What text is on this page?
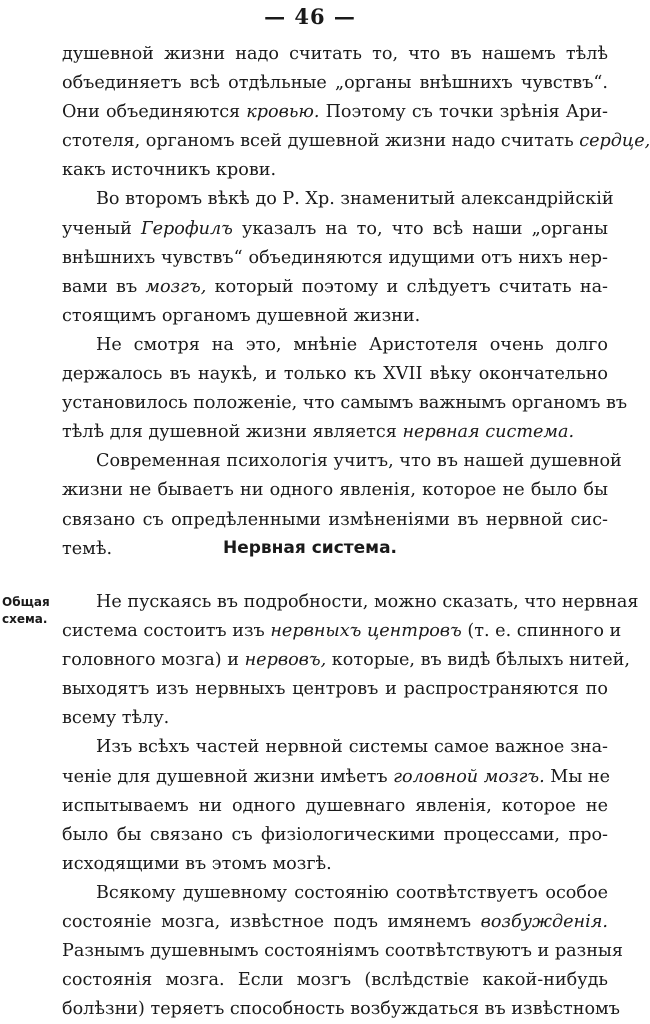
— 46 —
душевной жизни надо считать то, что въ нашемъ тѣлѣ
объединяетъ всѣ отдѣльные „органы внѣшнихъ чувствъ“.
Они объединяются кровью. Поэтому съ точки зрѣнія Ари-
стотеля, органомъ всей душевной жизни надо считать сердце,
какъ источникъ крови.
Во второмъ вѣкѣ до Р. Хр. знаменитый александрійскій
ученый Герофилъ указалъ на то, что всѣ наши „органы
внѣшнихъ чувствъ“ объединяются идущими отъ нихъ нер-
вами въ мозгъ, который поэтому и слѣдуетъ считать на-
стоящимъ органомъ душевной жизни.
Не смотря на это, мнѣніе Аристотеля очень долго
держалось въ наукѣ, и только къ XVII вѣку окончательно
установилось положеніе, что самымъ важнымъ органомъ въ
тѣлѣ для душевной жизни является нервная система.
Современная психологія учитъ, что въ нашей душевной
жизни не бываетъ ни одного явленія, которое не было бы
связано съ опредѣленными измѣненіями въ нервной сис-
темѣ.	Нервная система.
Общая
схема.
Не пускаясь въ подробности, можно сказать, что нервная
система состоитъ изъ нервныхъ центровъ (т. е. спинного и
головного мозга) и нервовъ, которые, въ видѣ бѣлыхъ нитей,
выходятъ изъ нервныхъ центровъ и распространяются по
всему тѣлу.
Изъ всѣхъ частей нервной системы самое важное зна-
ченіе для душевной жизни имѣетъ головной мозгъ. Мы не
испытываемъ ни одного душевнаго явленія, которое не
было бы связано съ физіологическими процессами, про-
исходящими въ этомъ мозгѣ.
Всякому душевному состоянію соотвѣтствуетъ особое
состояніе мозга, извѣстное подъ имянемъ возбужденія.
Разнымъ душевнымъ состояніямъ соотвѣтствуютъ и разныя
состоянія мозга. Если мозгъ (вслѣдствіе какой-нибудь
болѣзни) теряетъ способность возбуждаться въ извѣстномъ
